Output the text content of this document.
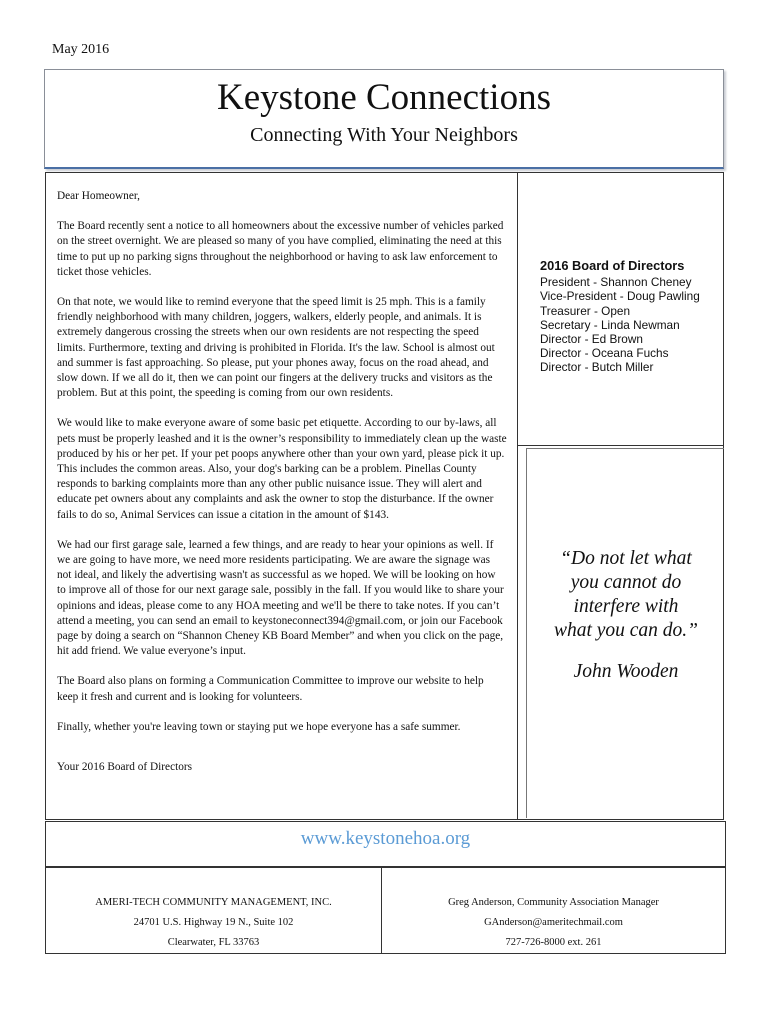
May 2016
Keystone Connections
Connecting With Your Neighbors

Dear Homeowner,

The Board recently sent a notice to all homeowners about the excessive number of vehicles parked on the street overnight. We are pleased so many of you have complied, eliminating the need at this time to put up no parking signs throughout the neighborhood or having to ask law enforcement to ticket those vehicles.

On that note, we would like to remind everyone that the speed limit is 25 mph. This is a family friendly neighborhood with many children, joggers, walkers, elderly people, and animals. It is extremely dangerous crossing the streets when our own residents are not respecting the speed limits. Furthermore, texting and driving is prohibited in Florida. It's the law. School is almost out and summer is fast approaching. So please, put your phones away, focus on the road ahead, and slow down. If we all do it, then we can point our fingers at the delivery trucks and visitors as the problem. But at this point, the speeding is coming from our own residents.

We would like to make everyone aware of some basic pet etiquette. According to our by-laws, all pets must be properly leashed and it is the owner’s responsibility to immediately clean up the waste produced by his or her pet. If your pet poops anywhere other than your own yard, please pick it up. This includes the common areas. Also, your dog's barking can be a problem. Pinellas County responds to barking complaints more than any other public nuisance issue. They will alert and educate pet owners about any complaints and ask the owner to stop the disturbance. If the owner fails to do so, Animal Services can issue a citation in the amount of $143.

We had our first garage sale, learned a few things, and are ready to hear your opinions as well. If we are going to have more, we need more residents participating. We are aware the signage was not ideal, and likely the advertising wasn't as successful as we hoped. We will be looking on how to improve all of those for our next garage sale, possibly in the fall. If you would like to share your opinions and ideas, please come to any HOA meeting and we'll be there to take notes. If you can’t attend a meeting, you can send an email to keystoneconnect394@gmail.com, or join our Facebook page by doing a search on “Shannon Cheney KB Board Member” and when you click on the page, hit add friend. We value everyone’s input.

The Board also plans on forming a Communication Committee to improve our website to help keep it fresh and current and is looking for volunteers.

Finally, whether you're leaving town or staying put we hope everyone has a safe summer.

Your 2016 Board of Directors

2016 Board of Directors
President - Shannon Cheney
Vice-President - Doug Pawling
Treasurer - Open
Secretary - Linda Newman
Director - Ed Brown
Director - Oceana Fuchs
Director - Butch Miller
“Do not let what
you cannot do
interfere with
what you can do.”
John Wooden
www.keystonehoa.org
AMERI-TECH COMMUNITY MANAGEMENT, INC.
24701 U.S. Highway 19 N., Suite 102
Clearwater, FL 33763
Greg Anderson, Community Association Manager
GAnderson@ameritechmail.com
727-726-8000 ext. 261
